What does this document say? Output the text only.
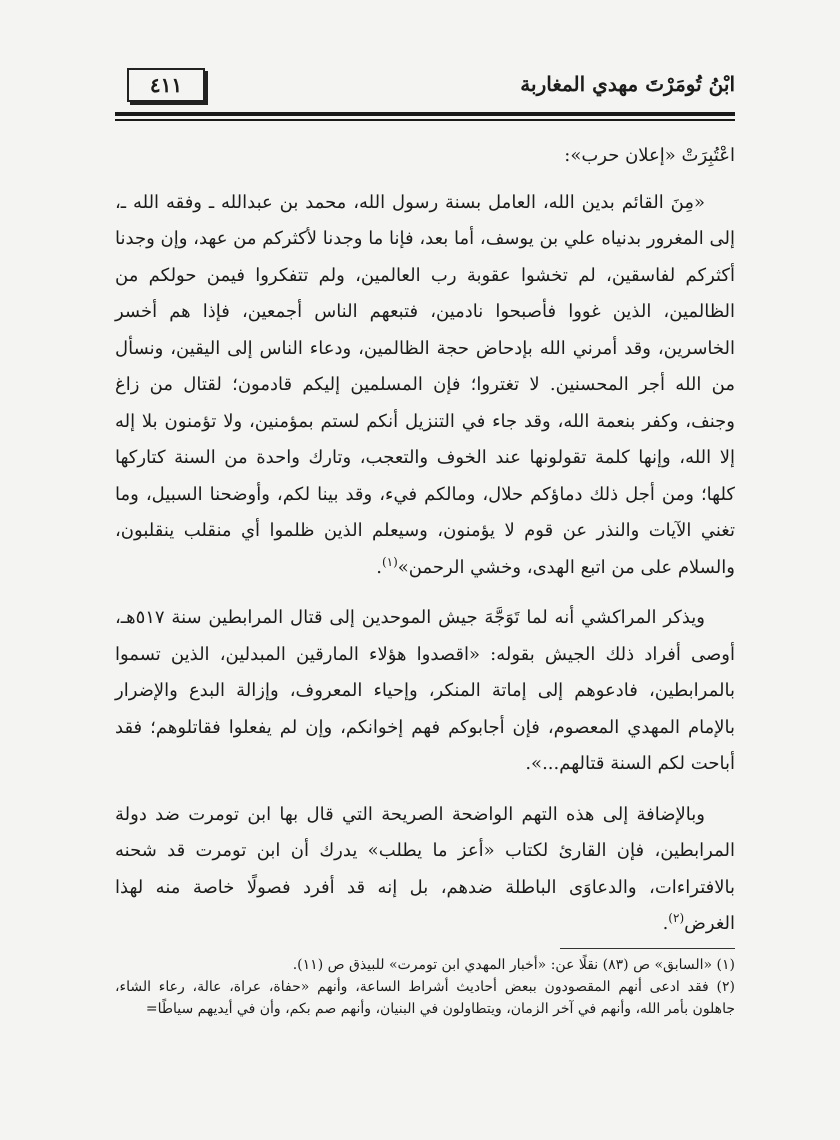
٤١١	ابْنُ تُومَرْتَ مهدي المغاربة

اعْتُبِرَتْ «إعلان حرب»:

«مِنَ القائم بدين الله، العامل بسنة رسول الله، محمد بن عبدالله ـ وفقه الله ـ، إلى المغرور بدنياه علي بن يوسف، أما بعد، فإنا ما وجدنا لأكثركم من عهد، وإن وجدنا أكثركم لفاسقين، لم تخشوا عقوبة رب العالمين، ولم تتفكروا فيمن حولكم من الظالمين، الذين غووا فأصبحوا نادمين، فتبعهم الناس أجمعين، فإذا هم أخسر الخاسرين، وقد أمرني الله بإدحاض حجة الظالمين، ودعاء الناس إلى اليقين، ونسأل من الله أجر المحسنين. لا تغتروا؛ فإن المسلمين إليكم قادمون؛ لقتال من زاغ وجنف، وكفر بنعمة الله، وقد جاء في التنزيل أنكم لستم بمؤمنين، ولا تؤمنون بلا إله إلا الله، وإنها كلمة تقولونها عند الخوف والتعجب، وتارك واحدة من السنة كتاركها كلها؛ ومن أجل ذلك دماؤكم حلال، ومالكم فيء، وقد بينا لكم، وأوضحنا السبيل، وما تغني الآيات والنذر عن قوم لا يؤمنون، وسيعلم الذين ظلموا أي منقلب ينقلبون، والسلام على من اتبع الهدى، وخشي الرحمن»$^{(١)}$.

ويذكر المراكشي أنه لما تَوَجَّهَ جيش الموحدين إلى قتال المرابطين سنة ٥١٧هـ، أوصى أفراد ذلك الجيش بقوله: «اقصدوا هؤلاء المارقين المبدلين، الذين تسموا بالمرابطين، فادعوهم إلى إماتة المنكر، وإحياء المعروف، وإزالة البدع والإضرار بالإمام المهدي المعصوم، فإن أجابوكم فهم إخوانكم، وإن لم يفعلوا فقاتلوهم؛ فقد أباحت لكم السنة قتالهم...».

وبالإضافة إلى هذه التهم الواضحة الصريحة التي قال بها ابن تومرت ضد دولة المرابطين، فإن القارئ لكتاب «أعز ما يطلب» يدرك أن ابن تومرت قد شحنه بالافتراءات، والدعاوَى الباطلة ضدهم، بل إنه قد أفرد فصولًا خاصة منه لهذا الغرض$^{(٢)}$.

(١) «السابق» ص (٨٣) نقلًا عن: «أخبار المهدي ابن تومرت» للبيذق ص (١١).

(٢) فقد ادعى أنهم المقصودون ببعض أحاديث أشراط الساعة، وأنهم «حفاة، عراة، عالة، رعاء الشاء، جاهلون بأمر الله، وأنهم في آخر الزمان، ويتطاولون في البنيان، وأنهم صم بكم، وأن في أيديهم سياطًا=
